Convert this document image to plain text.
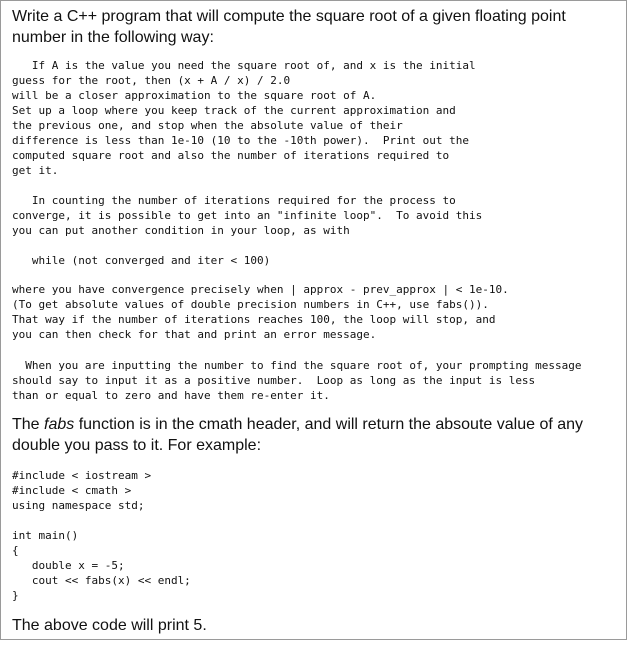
Write a C++ program that will compute the square root of a given floating point
number in the following way:
If A is the value you need the square root of, and x is the initial
guess for the root, then (x + A / x) / 2.0
will be a closer approximation to the square root of A.
Set up a loop where you keep track of the current approximation and
the previous one, and stop when the absolute value of their
difference is less than 1e-10 (10 to the -10th power).  Print out the
computed square root and also the number of iterations required to
get it.
In counting the number of iterations required for the process to
converge, it is possible to get into an "infinite loop".  To avoid this
you can put another condition in your loop, as with
while (not converged and iter < 100)
where you have convergence precisely when | approx - prev_approx | < 1e-10.
(To get absolute values of double precision numbers in C++, use fabs()).
That way if the number of iterations reaches 100, the loop will stop, and
you can then check for that and print an error message.
When you are inputting the number to find the square root of, your prompting message
should say to input it as a positive number.  Loop as long as the input is less
than or equal to zero and have them re-enter it.
The fabs function is in the cmath header, and will return the absoute value of any
double you pass to it. For example:
#include < iostream >
#include < cmath >
using namespace std;
int main()
{
double x = -5;
cout << fabs(x) << endl;
}
The above code will print 5.
